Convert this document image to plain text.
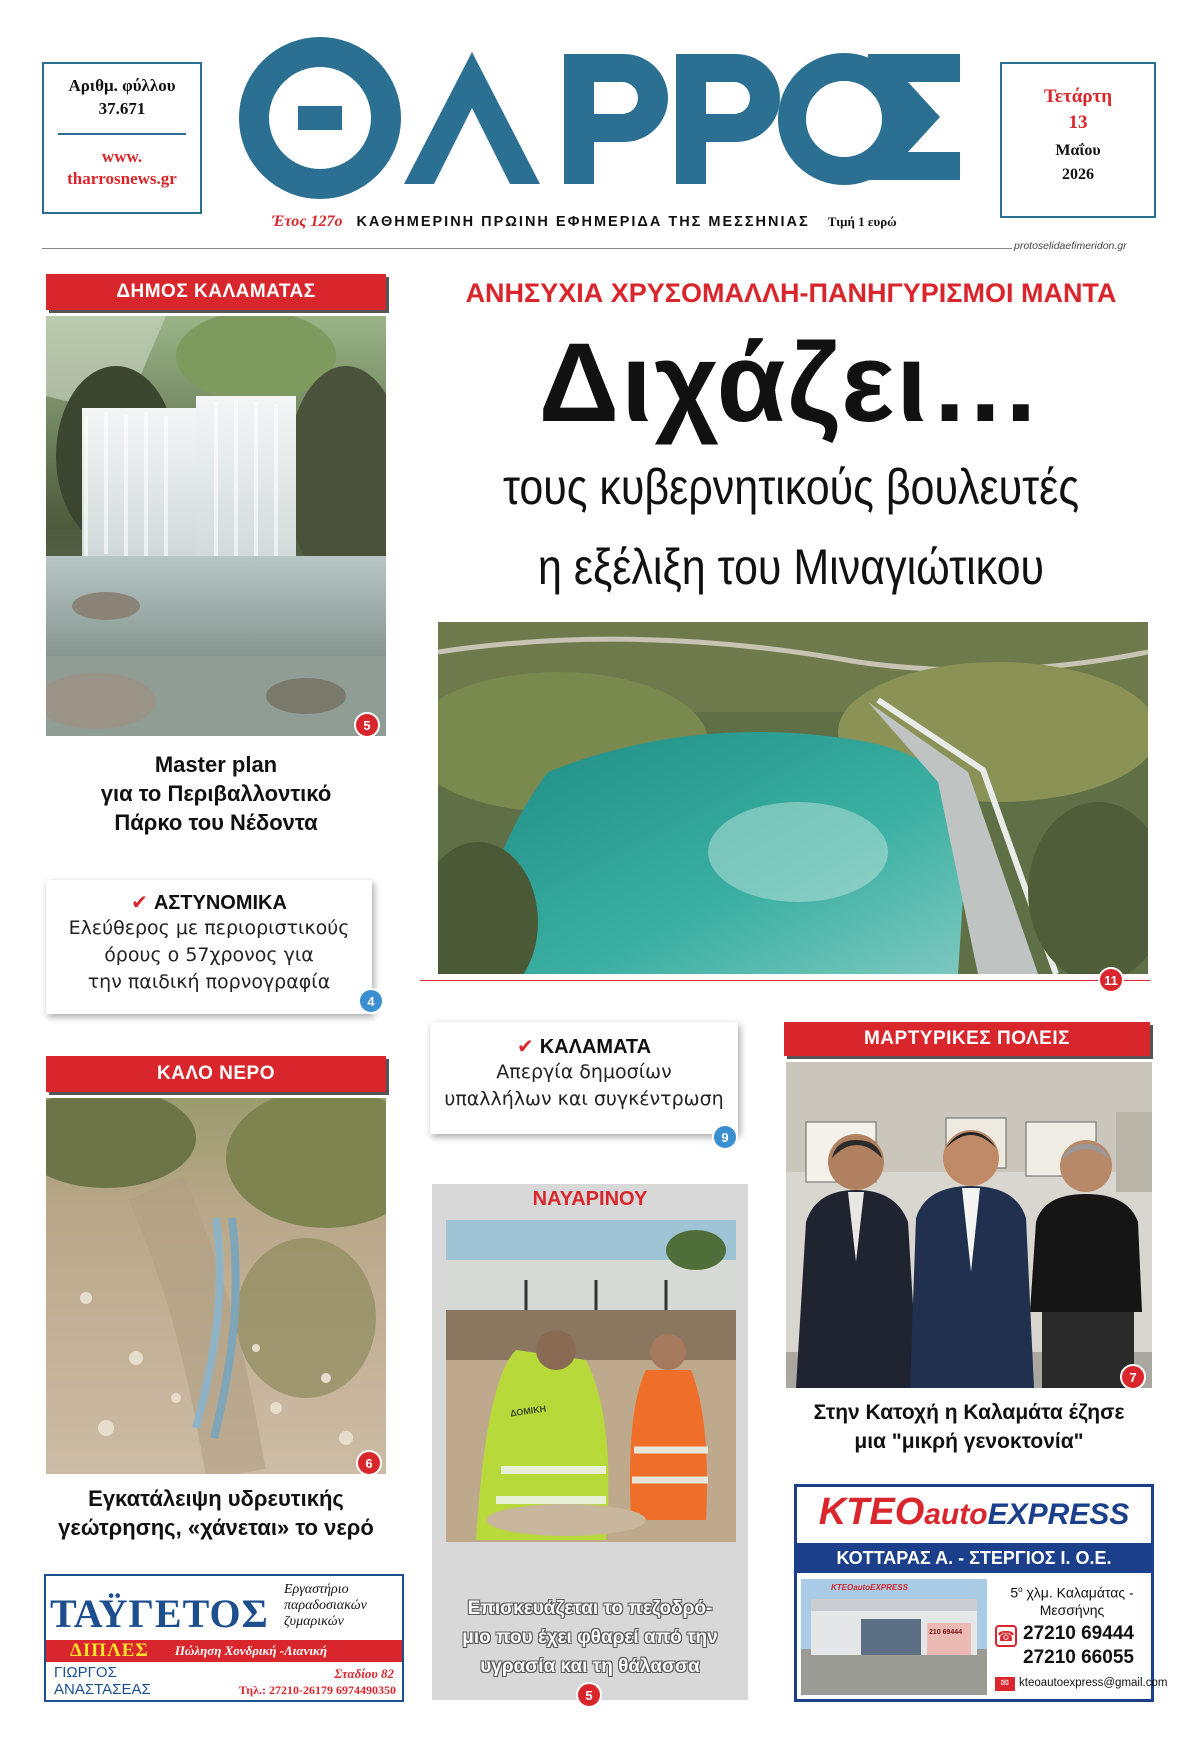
Αριθμ. φύλλου
37.671
www.
tharrosnews.gr
Τετάρτη
13
Μαΐου
2026
Έτος 127ο ΚΑΘΗΜΕΡΙΝΗ ΠΡΩΙΝΗ ΕΦΗΜΕΡΙΔΑ ΤΗΣ ΜΕΣΣΗΝΙΑΣ Τιμή 1 ευρώ
protoselidaefimeridon.gr
ΔΗΜΟΣ ΚΑΛΑΜΑΤΑΣ
5
Master plan
για το Περιβαλλοντικό
Πάρκο του Νέδοντα
✔ ΑΣΤΥΝΟΜΙΚΑ
Ελεύθερος με περιοριστικούς
όρους ο 57χρονος για
την παιδική πορνογραφία
4
ΚΑΛΟ ΝΕΡΟ
6
Εγκατάλειψη υδρευτικής
γεώτρησης, «χάνεται» το νερό
ΤΑΫΓΕΤΟΣ
Εργαστήριο
παραδοσιακών
ζυμαρικών
ΔΙΠΛΕΣ Πώληση Χονδρική -Λιανική
ΓΙΩΡΓΟΣ
ΑΝΑΣΤΑΣΕΑΣ
Σταδίου 82
Τηλ.: 27210-26179 6974490350
ΑΝΗΣΥΧΙΑ ΧΡΥΣΟΜΑΛΛΗ-ΠΑΝΗΓΥΡΙΣΜΟΙ ΜΑΝΤΑ
Διχάζει…
τους κυβερνητικούς βουλευτές
η εξέλιξη του Μιναγιώτικου
11
✔ ΚΑΛΑΜΑΤΑ
Απεργία δημοσίων
υπαλλήλων και συγκέντρωση
9
ΝΑΥΑΡΙΝΟΥ
ΔΟΜΙΚΗ
Επισκευάζεται το πεζοδρό-
μιο που έχει φθαρεί από την
υγρασία και τη θάλασσα
5
ΜΑΡΤΥΡΙΚΕΣ ΠΟΛΕΙΣ
7
Στην Κατοχή η Καλαμάτα έζησε
μια "μικρή γενοκτονία"
ΚΤΕΟautoEXPRESS
ΚΟΤΤΑΡΑΣ Α. - ΣΤΕΡΓΙΟΣ Ι. Ο.Ε.
KTEOautoEXPRESS
210 69444
$5^o$ χλμ. Καλαμάτας -
Μεσσήνης
☎ 27210 69444
27210 66055
✉ kteoautoexpress@gmail.com
